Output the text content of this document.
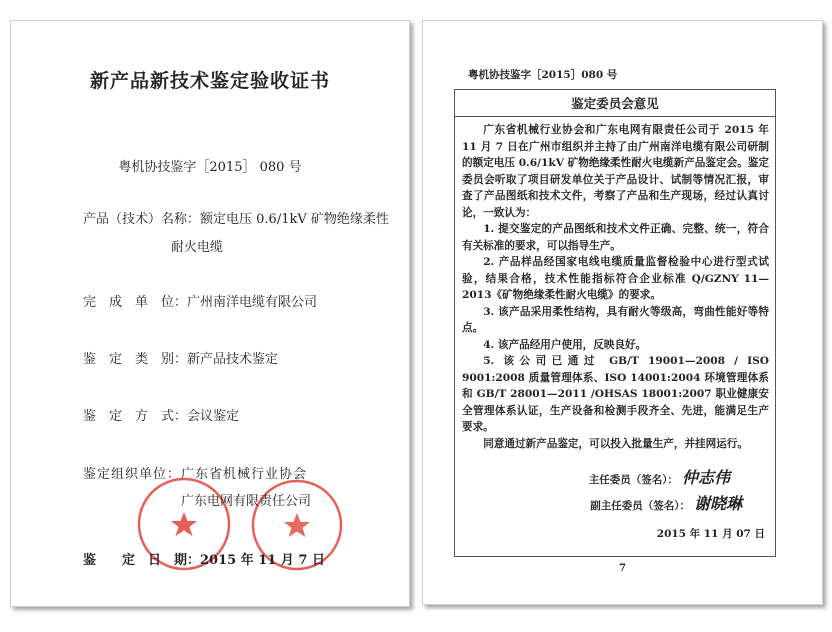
新产品新技术鉴定验收证书
粤机协技鉴字［2015］ 080 号
产品（技术）名称：额定电压 0.6/1kV 矿物绝缘柔性
耐火电缆
完　成　单　位：广州南洋电缆有限公司
鉴　定　类　别：新产品技术鉴定
鉴　定　方　式：会议鉴定
鉴定组织单位：广东省机械行业协会
广东电网有限责任公司
鉴　　定　日　期：2015 年 11 月 7 日
粤机协技鉴字［2015］080 号
鉴定委员会意见

广东省机械行业协会和广东电网有限责任公司于 2015 年 11 月 7 日在广州市组织并主持了由广州南洋电缆有限公司研制的额定电压 0.6/1kV 矿物绝缘柔性耐火电缆新产品鉴定会。鉴定委员会听取了项目研发单位关于产品设计、试制等情况汇报，审查了产品图纸和技术文件，考察了产品和生产现场，经过认真讨论，一致认为：

1. 提交鉴定的产品图纸和技术文件正确、完整、统一，符合有关标准的要求，可以指导生产。

2. 产品样品经国家电线电缆质量监督检验中心进行型式试验，结果合格，技术性能指标符合企业标准 Q/GZNY 11—2013《矿物绝缘柔性耐火电缆》的要求。

3. 该产品采用柔性结构，具有耐火等级高，弯曲性能好等特点。

4. 该产品经用户使用，反映良好。

5. 该公司已通过 GB/T 19001—2008 / ISO 9001:2008 质量管理体系、ISO 14001:2004 环境管理体系和 GB/T 28001—2011 /OHSAS 18001:2007 职业健康安全管理体系认证，生产设备和检测手段齐全、先进，能满足生产要求。

同意通过新产品鉴定，可以投入批量生产，并挂网运行。

主任委员（签名）： 仲志伟
副主任委员（签名）： 谢晓琳
2015 年 11 月 07 日
7
